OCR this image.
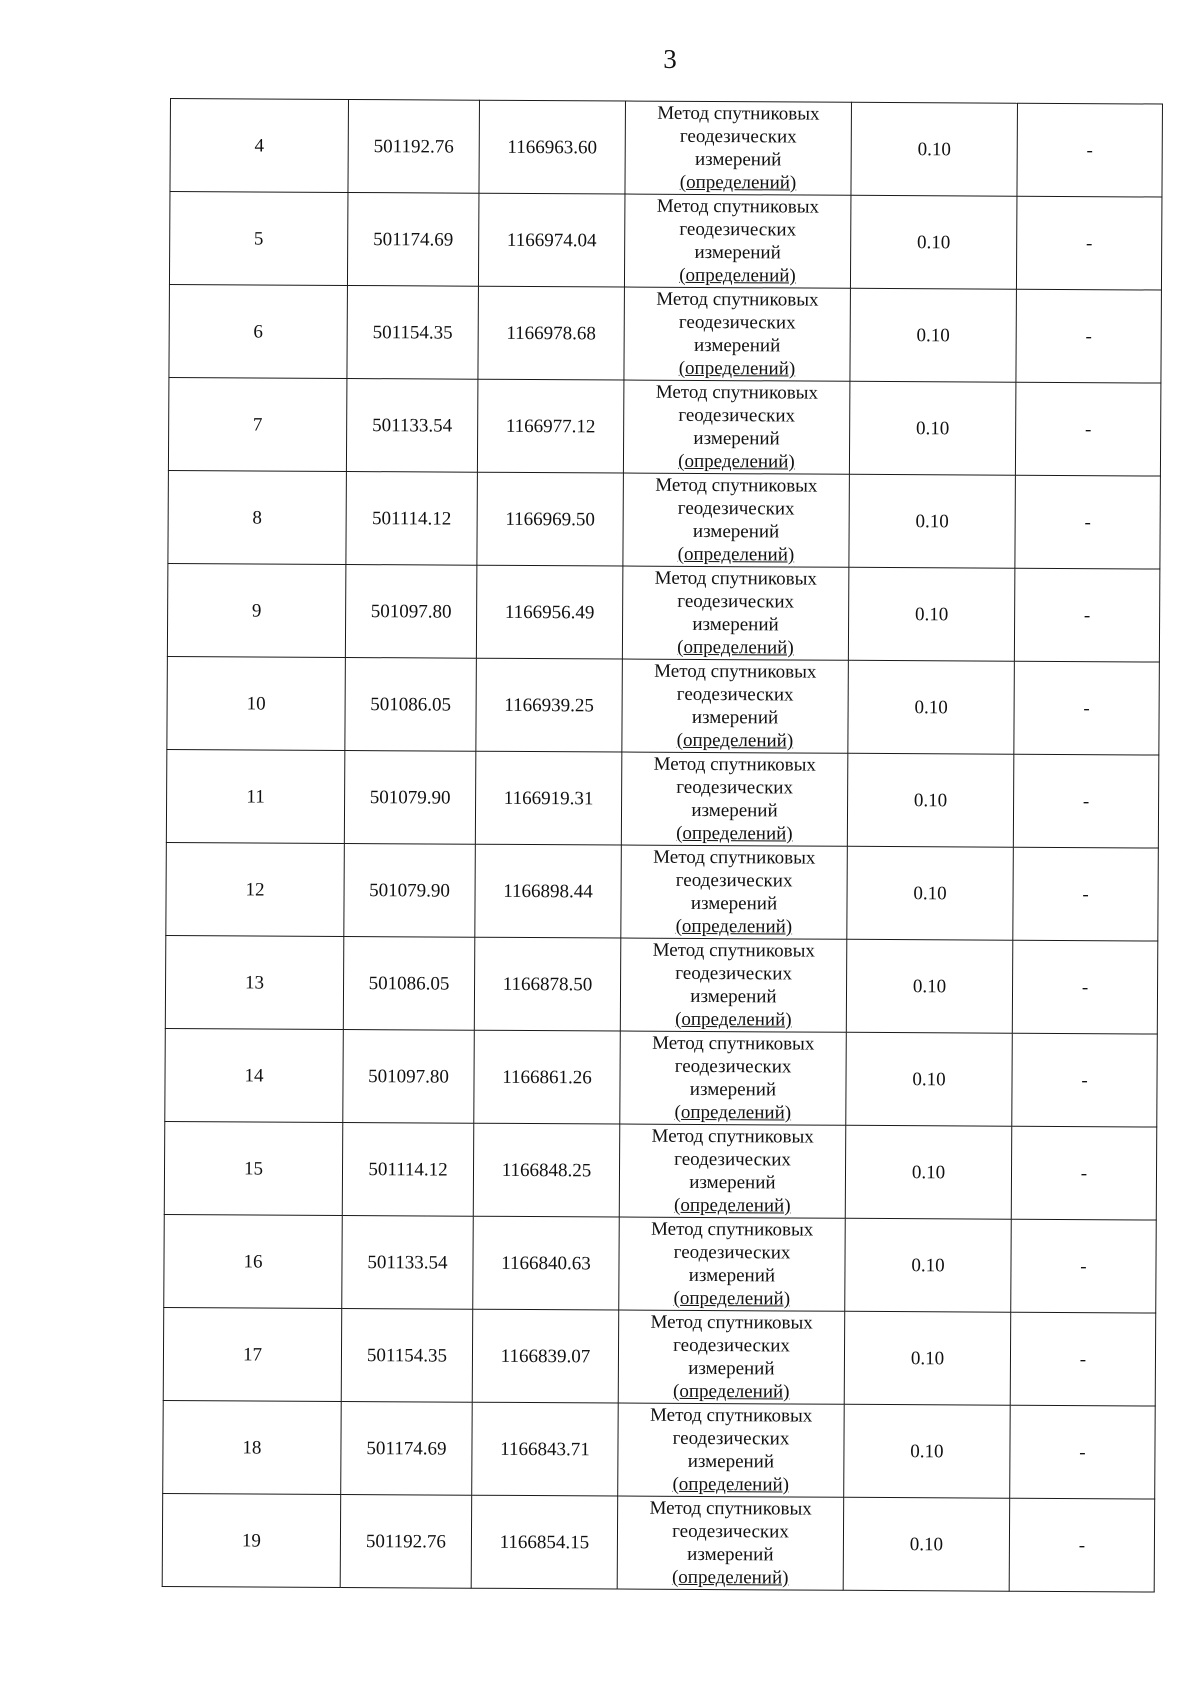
3
4	501192.76	1166963.60	Метод спутниковых
геодезических
измерений
(определений)	0.10	-
5	501174.69	1166974.04	Метод спутниковых
геодезических
измерений
(определений)	0.10	-
6	501154.35	1166978.68	Метод спутниковых
геодезических
измерений
(определений)	0.10	-
7	501133.54	1166977.12	Метод спутниковых
геодезических
измерений
(определений)	0.10	-
8	501114.12	1166969.50	Метод спутниковых
геодезических
измерений
(определений)	0.10	-
9	501097.80	1166956.49	Метод спутниковых
геодезических
измерений
(определений)	0.10	-
10	501086.05	1166939.25	Метод спутниковых
геодезических
измерений
(определений)	0.10	-
11	501079.90	1166919.31	Метод спутниковых
геодезических
измерений
(определений)	0.10	-
12	501079.90	1166898.44	Метод спутниковых
геодезических
измерений
(определений)	0.10	-
13	501086.05	1166878.50	Метод спутниковых
геодезических
измерений
(определений)	0.10	-
14	501097.80	1166861.26	Метод спутниковых
геодезических
измерений
(определений)	0.10	-
15	501114.12	1166848.25	Метод спутниковых
геодезических
измерений
(определений)	0.10	-
16	501133.54	1166840.63	Метод спутниковых
геодезических
измерений
(определений)	0.10	-
17	501154.35	1166839.07	Метод спутниковых
геодезических
измерений
(определений)	0.10	-
18	501174.69	1166843.71	Метод спутниковых
геодезических
измерений
(определений)	0.10	-
19	501192.76	1166854.15	Метод спутниковых
геодезических
измерений
(определений)	0.10	-
